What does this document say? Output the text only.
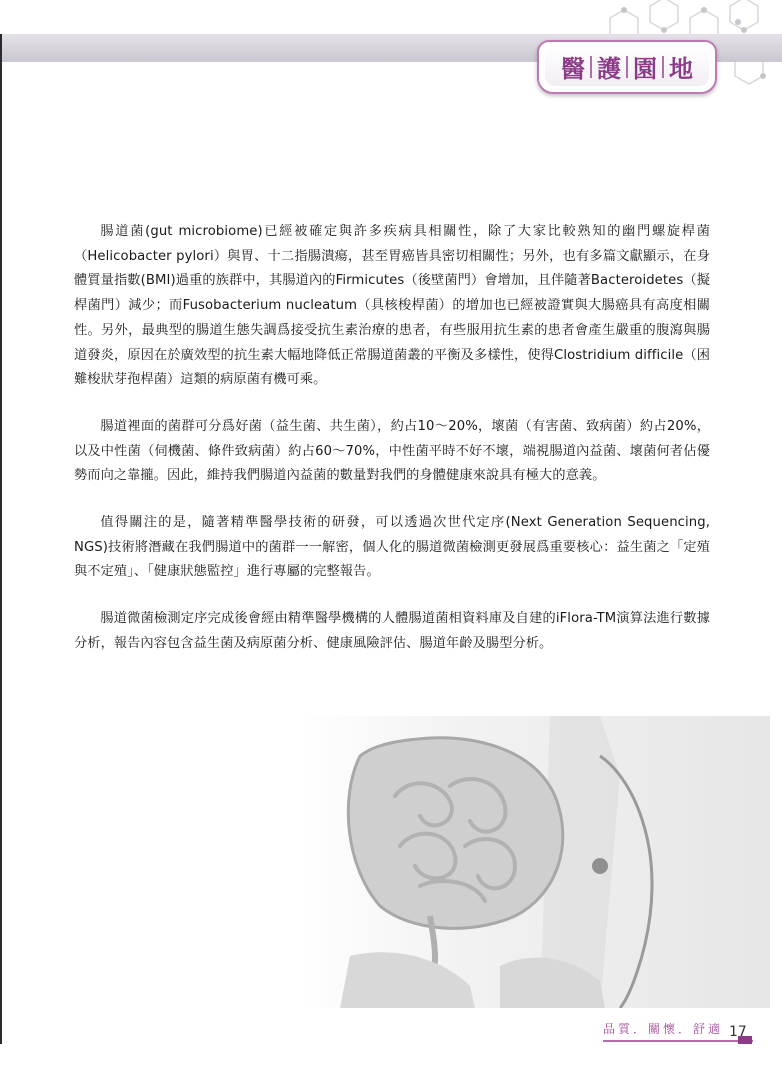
醫 護 園 地

腸道菌(gut microbiome)已經被確定與許多疾病具相關性，除了大家比較熟知的幽門螺旋桿菌（Helicobacter pylori）與胃、十二指腸潰瘍，甚至胃癌皆具密切相關性；另外，也有多篇文獻顯示，在身體質量指數(BMI)過重的族群中，其腸道內的Firmicutes（後壁菌門）會增加，且伴隨著Bacteroidetes（擬桿菌門）減少；而Fusobacterium nucleatum（具核梭桿菌）的增加也已經被證實與大腸癌具有高度相關性。另外，最典型的腸道生態失調爲接受抗生素治療的患者，有些服用抗生素的患者會產生嚴重的腹瀉與腸道發炎，原因在於廣效型的抗生素大幅地降低正常腸道菌叢的平衡及多樣性，使得Clostridium difficile（困難梭狀芽孢桿菌）這類的病原菌有機可乘。

腸道裡面的菌群可分爲好菌（益生菌、共生菌），約占10～20%，壞菌（有害菌、致病菌）約占20%，以及中性菌（伺機菌、條件致病菌）約占60～70%，中性菌平時不好不壞，端視腸道內益菌、壞菌何者佔優勢而向之靠攏。因此，維持我們腸道內益菌的數量對我們的身體健康來說具有極大的意義。

值得關注的是，隨著精準醫學技術的研發，可以透過次世代定序(Next Generation Sequencing, NGS)技術將潛藏在我們腸道中的菌群一一解密，個人化的腸道微菌檢測更發展爲重要核心：益生菌之「定殖與不定殖」、「健康狀態監控」進行專屬的完整報告。

腸道微菌檢測定序完成後會經由精準醫學機構的人體腸道菌相資料庫及自建的iFlora-TM演算法進行數據分析，報告內容包含益生菌及病原菌分析、健康風險評估、腸道年齡及腸型分析。

品質．關懷．舒適 17
